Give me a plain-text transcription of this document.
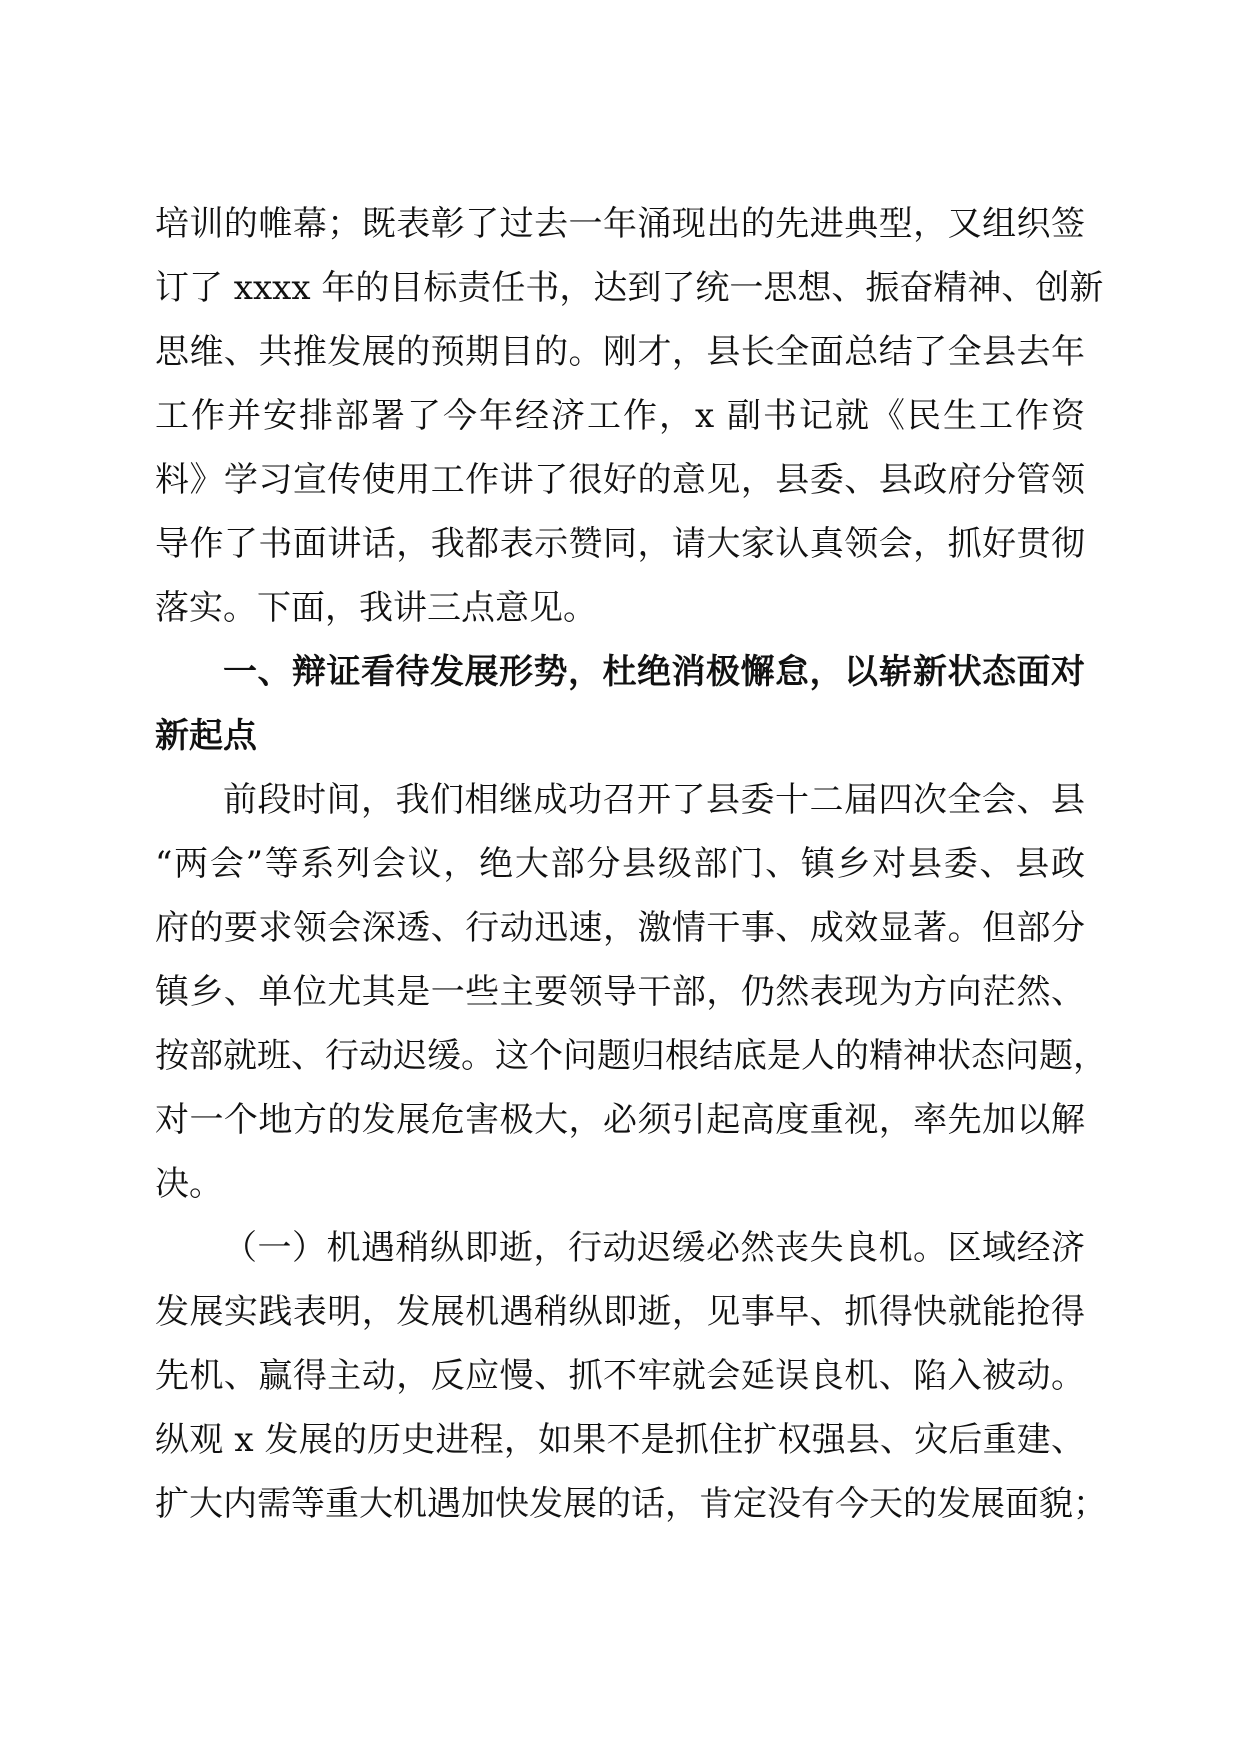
培训的帷幕；既表彰了过去一年涌现出的先进典型，又组织签
订了 xxxx 年的目标责任书，达到了统一思想、振奋精神、创新
思维、共推发展的预期目的。刚才，县长全面总结了全县去年
工作并安排部署了今年经济工作，x 副书记就《民生工作资
料》学习宣传使用工作讲了很好的意见，县委、县政府分管领
导作了书面讲话，我都表示赞同，请大家认真领会，抓好贯彻
落实。下面，我讲三点意见。
一、辩证看待发展形势，杜绝消极懈怠，以崭新状态面对
新起点
前段时间，我们相继成功召开了县委十二届四次全会、县
“两会”等系列会议，绝大部分县级部门、镇乡对县委、县政
府的要求领会深透、行动迅速，激情干事、成效显著。但部分
镇乡、单位尤其是一些主要领导干部，仍然表现为方向茫然、
按部就班、行动迟缓。这个问题归根结底是人的精神状态问题，
对一个地方的发展危害极大，必须引起高度重视，率先加以解
决。
（一）机遇稍纵即逝，行动迟缓必然丧失良机。区域经济
发展实践表明，发展机遇稍纵即逝，见事早、抓得快就能抢得
先机、赢得主动，反应慢、抓不牢就会延误良机、陷入被动。
纵观 x 发展的历史进程，如果不是抓住扩权强县、灾后重建、
扩大内需等重大机遇加快发展的话，肯定没有今天的发展面貌；
